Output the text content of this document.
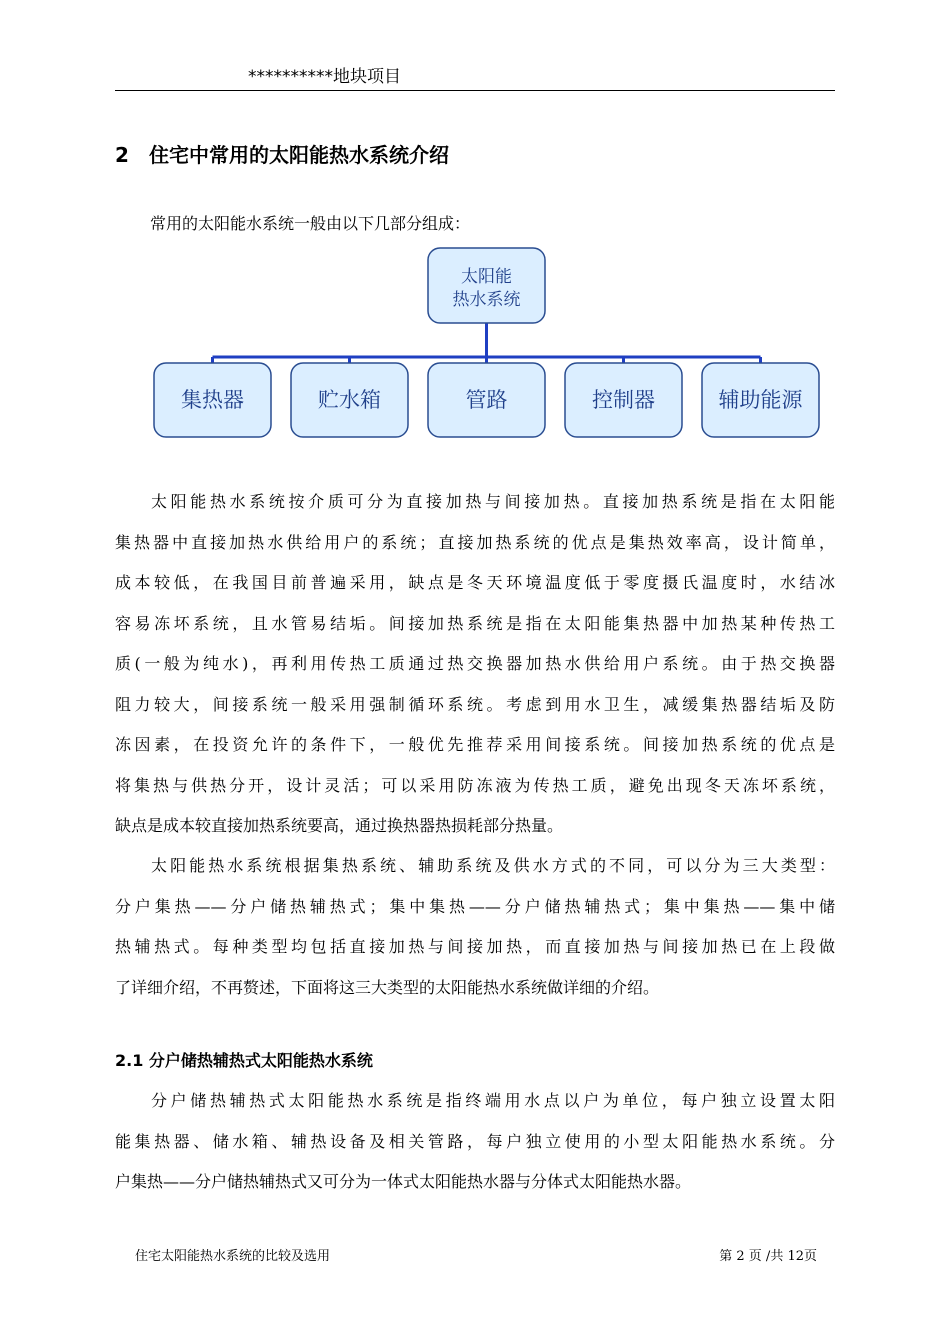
**********地块项目
2 住宅中常用的太阳能热水系统介绍

常用的太阳能水系统一般由以下几部分组成：

太阳能
热水系统
集热器	贮水箱	管路	控制器	辅助能源
太阳能热水系统按介质可分为直接加热与间接加热。直接加热系统是指在太阳能
集热器中直接加热水供给用户的系统；直接加热系统的优点是集热效率高，设计简单，
成本较低，在我国目前普遍采用，缺点是冬天环境温度低于零度摄氏温度时，水结冰
容易冻坏系统，且水管易结垢。间接加热系统是指在太阳能集热器中加热某种传热工
质(一般为纯水)，再利用传热工质通过热交换器加热水供给用户系统。由于热交换器
阻力较大，间接系统一般采用强制循环系统。考虑到用水卫生，减缓集热器结垢及防
冻因素，在投资允许的条件下，一般优先推荐采用间接系统。间接加热系统的优点是
将集热与供热分开，设计灵活；可以采用防冻液为传热工质，避免出现冬天冻坏系统，
缺点是成本较直接加热系统要高，通过换热器热损耗部分热量。
太阳能热水系统根据集热系统、辅助系统及供水方式的不同，可以分为三大类型：
分户集热——分户储热辅热式；集中集热——分户储热辅热式；集中集热——集中储
热辅热式。每种类型均包括直接加热与间接加热，而直接加热与间接加热已在上段做
了详细介绍，不再赘述，下面将这三大类型的太阳能热水系统做详细的介绍。
2.1 分户储热辅热式太阳能热水系统
分户储热辅热式太阳能热水系统是指终端用水点以户为单位，每户独立设置太阳
能集热器、储水箱、辅热设备及相关管路，每户独立使用的小型太阳能热水系统。分
户集热——分户储热辅热式又可分为一体式太阳能热水器与分体式太阳能热水器。
住宅太阳能热水系统的比较及选用	第 2 页 /共 12页
